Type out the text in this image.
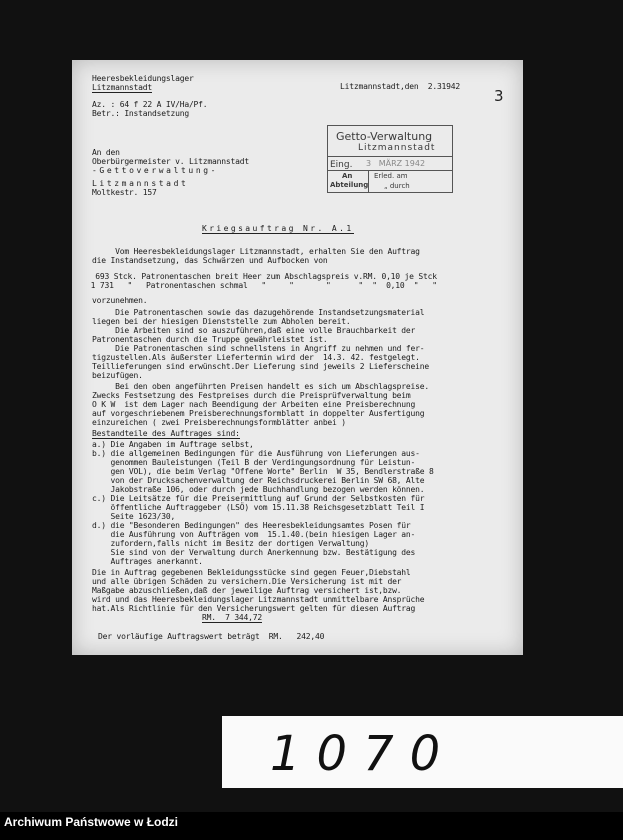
Heeresbekleidungslager
Litzmannstadt	Litzmannstadt,den  2.31942
3
Az. : 64 f 22 A IV/Ha/Pf.
Betr.: Instandsetzung
Getto-Verwaltung
Litzmannstadt
Eing. 3   MÄRZ 1942
An
Abteilung
Erled. am
„ durch
An den
Oberbürgermeister v. Litzmannstadt
-Gettoverwaltung-
Litzmannstadt
Moltkestr. 157
Kriegsauftrag Nr. A.1
Vom Heeresbekleidungslager Litzmannstadt, erhalten Sie den Auftrag
die Instandsetzung, das Schwärzen und Aufbocken von
693 Stck. Patronentaschen breit Heer zum Abschlagspreis v.RM. 0,10 je Stck
1 731   "   Patronentaschen schmal   "     "       "      "  "  0,10  "   "
vorzunehmen.
Die Patronentaschen sowie das dazugehörende Instandsetzungsmaterial
liegen bei der hiesigen Dienststelle zum Abholen bereit.
Die Arbeiten sind so auszuführen,daß eine volle Brauchbarkeit der
Patronentaschen durch die Truppe gewährleistet ist.
Die Patronentaschen sind schnellstens in Angriff zu nehmen und fer-
tigzustellen.Als äußerster Liefertermin wird der  14.3. 42. festgelegt.
Teillieferungen sind erwünscht.Der Lieferung sind jeweils 2 Lieferscheine
beizufügen.
Bei den oben angeführten Preisen handelt es sich um Abschlagspreise.
Zwecks Festsetzung des Festpreises durch die Preisprüfverwaltung beim
O K W  ist dem Lager nach Beendigung der Arbeiten eine Preisberechnung
auf vorgeschriebenem Preisberechnungsformblatt in doppelter Ausfertigung
einzureichen ( zwei Preisberechnungsformblätter anbei )
Bestandteile des Auftrages sind:
a.) Die Angaben im Auftrage selbst,
b.) die allgemeinen Bedingungen für die Ausführung von Lieferungen aus-
genommen Bauleistungen (Teil B der Verdingungsordnung für Leistun-
gen VOL), die beim Verlag "Offene Worte" Berlin  W 35, Bendlerstraße 8
von der Drucksachenverwaltung der Reichsdruckerei Berlin SW 68, Alte
Jakobstraße 106, oder durch jede Buchhandlung bezogen werden können.
c.) Die Leitsätze für die Preisermittlung auf Grund der Selbstkosten für
öffentliche Auftraggeber (LSÖ) vom 15.11.38 Reichsgesetzblatt Teil I
Seite 1623/30,
d.) die "Besonderen Bedingungen" des Heeresbekleidungsamtes Posen für
die Ausführung von Aufträgen vom  15.1.40.(bein hiesigen Lager an-
zufordern,falls nicht im Besitz der dortigen Verwaltung)
Sie sind von der Verwaltung durch Anerkennung bzw. Bestätigung des
Auftrages anerkannt.
Die in Auftrag gegebenen Bekleidungsstücke sind gegen Feuer,Diebstahl
und alle übrigen Schäden zu versichern.Die Versicherung ist mit der
Maßgabe abzuschließen,daß der jeweilige Auftrag versichert ist,bzw.
wird und das Heeresbekleidungslager Litzmannstadt unmittelbare Ansprüche
hat.Als Richtlinie für den Versicherungswert gelten für diesen Auftrag
RM.  7 344,72
Der vorläufige Auftragswert beträgt  RM.   242,40
1070
Archiwum Państwowe w Łodzi
